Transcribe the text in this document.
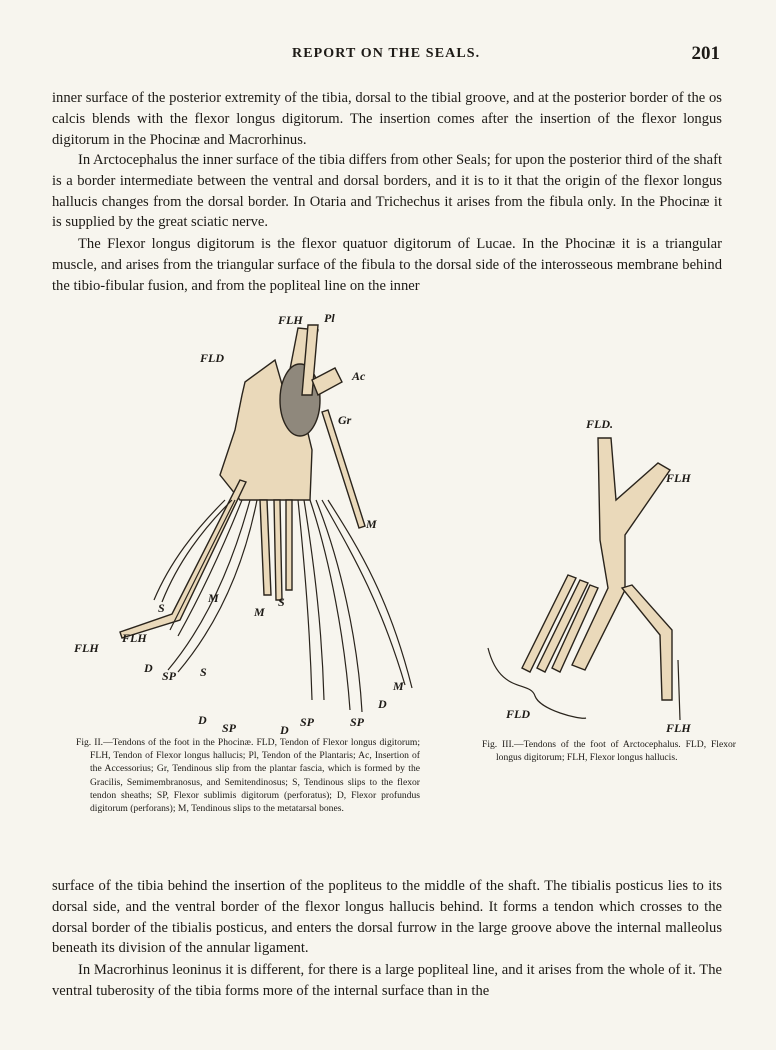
REPORT ON THE SEALS.	201

inner surface of the posterior extremity of the tibia, dorsal to the tibial groove, and at the posterior border of the os calcis blends with the flexor longus digitorum. The insertion comes after the insertion of the flexor longus digitorum in the Phocinæ and Macrorhinus.

In Arctocephalus the inner surface of the tibia differs from other Seals; for upon the posterior third of the shaft is a border intermediate between the ventral and dorsal borders, and it is to it that the origin of the flexor longus hallucis changes from the dorsal border. In Otaria and Trichechus it arises from the fibula only. In the Phocinæ it is supplied by the great sciatic nerve.

The Flexor longus digitorum is the flexor quatuor digitorum of Lucae. In the Phocinæ it is a triangular muscle, and arises from the triangular surface of the fibula to the dorsal side of the interosseous membrane behind the tibio-fibular fusion, and from the popliteal line on the inner

FLH Pl
FLD
Ac
Gr
M
S
M
M
S
FLH
FLH
D
SP S
M
D
D
SP	D
SP	SP
FLD.
FLH
FLD
FLH

Fig. II.—Tendons of the foot in the Phocinæ. FLD, Tendon of Flexor longus digitorum; FLH, Tendon of Flexor longus hallucis; Pl, Tendon of the Plantaris; Ac, Insertion of the Accessorius; Gr, Tendinous slip from the plantar fascia, which is formed by the Gracilis, Semimembranosus, and Semitendinosus; S, Tendinous slips to the flexor tendon sheaths; SP, Flexor sublimis digitorum (perforatus); D, Flexor profundus digitorum (perforans); M, Tendinous slips to the metatarsal bones.

Fig. III.—Tendons of the foot of Arctocephalus. FLD, Flexor longus digitorum; FLH, Flexor longus hallucis.

surface of the tibia behind the insertion of the popliteus to the middle of the shaft. The tibialis posticus lies to its dorsal side, and the ventral border of the flexor longus hallucis behind. It forms a tendon which crosses to the dorsal border of the tibialis posticus, and enters the dorsal furrow in the large groove above the internal malleolus beneath its division of the annular ligament.

In Macrorhinus leoninus it is different, for there is a large popliteal line, and it arises from the whole of it. The ventral tuberosity of the tibia forms more of the internal surface than in the
